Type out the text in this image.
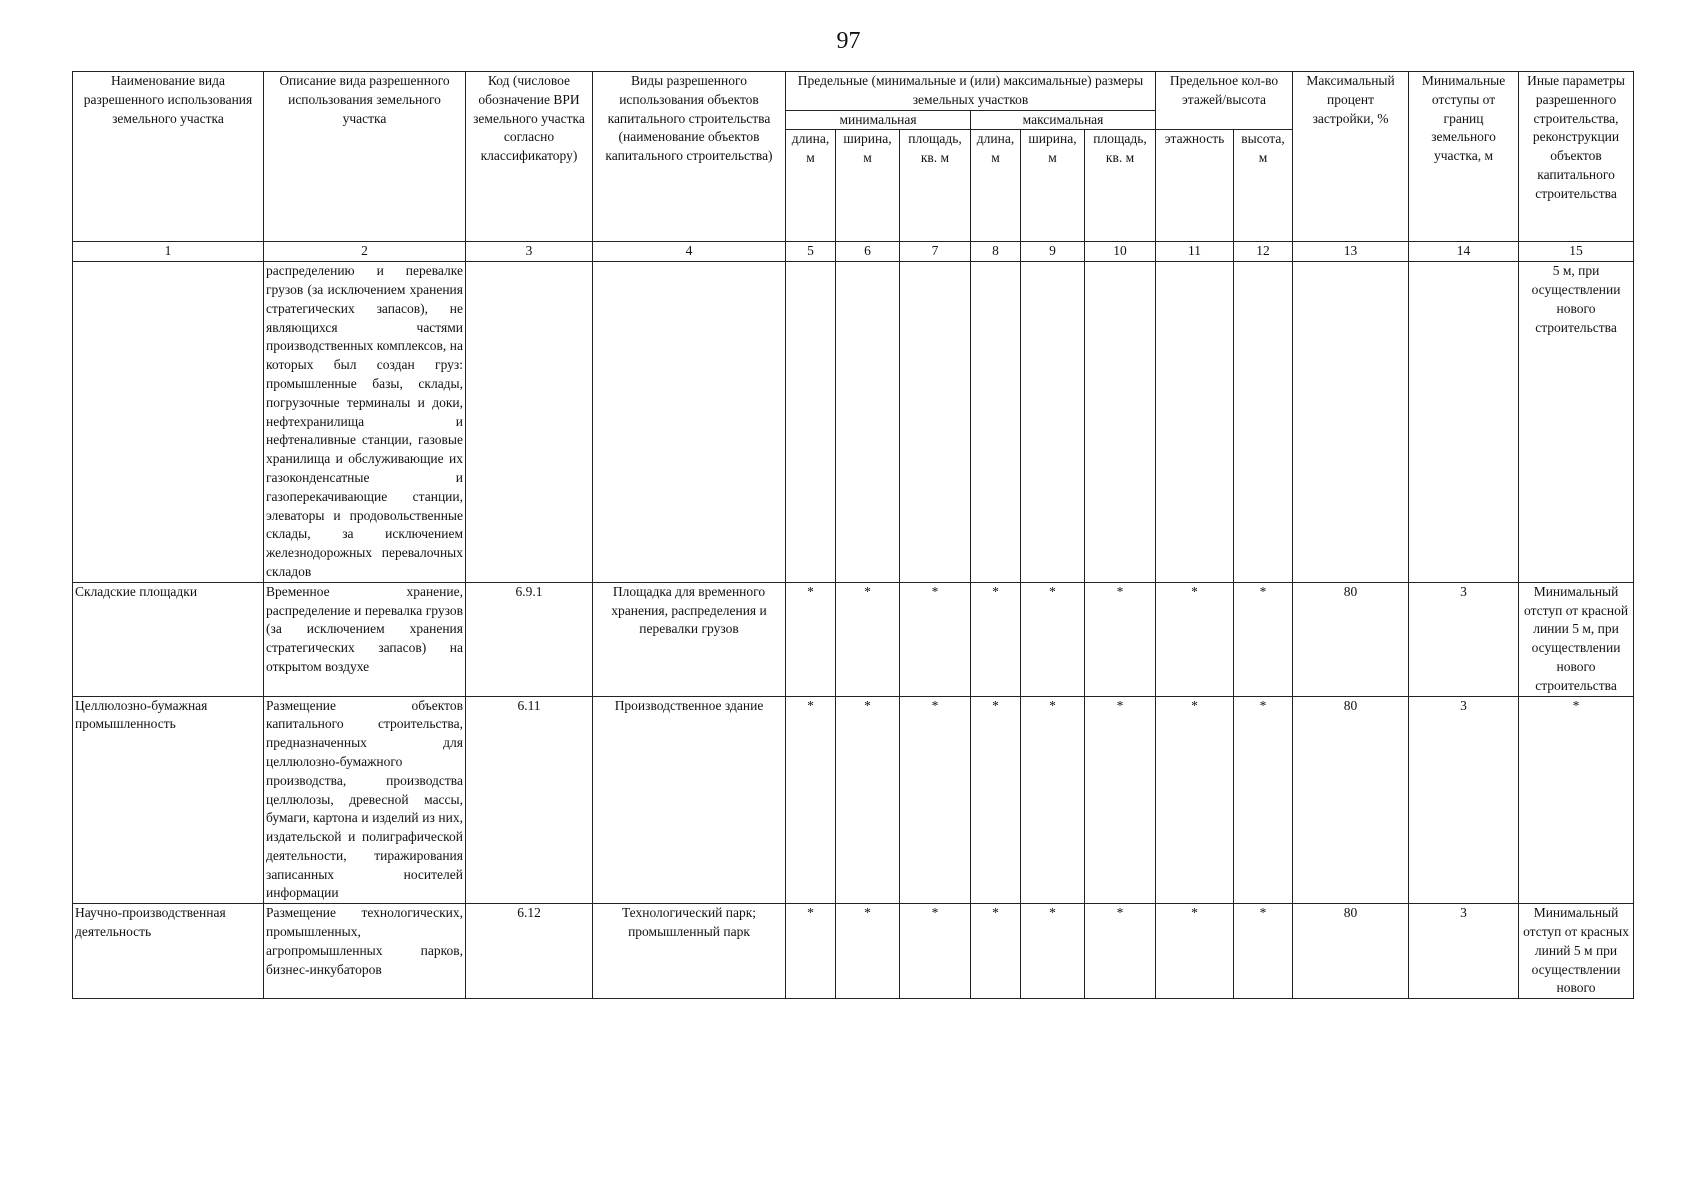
97
Наименование вида разрешенного использования земельного участка	Описание вида разрешенного использования земельного участка	Код (числовое обозначение ВРИ земельного участка согласно классификатору)	Виды разрешенного использования объектов капитального строительства (наименование объектов капитального строительства)	Предельные (минимальные и (или) максимальные) размеры земельных участков						Предельное кол-во этажей/высота		Максимальный процент застройки, %	Минимальные отступы от границ земельного участка, м	Иные параметры разрешенного строительства, реконструкции объектов капитального строительства
				минимальная			максимальная							
				длина, м	ширина, м	площадь, кв. м	длина, м	ширина, м	площадь, кв. м	этажность	высота, м			
1	2	3	4	5	6	7	8	9	10	11	12	13	14	15

	распределению и перевалке грузов (за исключением хранения стратегических запасов), не являющихся частями производственных комплексов, на которых был создан груз: промышленные базы, склады, погрузочные терминалы и доки, нефтехранилища и нефтеналивные станции, газовые хранилища и обслуживающие их газоконденсатные и газоперекачивающие станции, элеваторы и продовольственные склады, за исключением железнодорожных перевалочных складов													5 м, при осуществлении нового строительства
Складские площадки	Временное хранение, распределение и перевалка грузов (за исключением хранения стратегических запасов) на открытом воздухе	6.9.1	Площадка для временного хранения, распределения и перевалки грузов	*	*	*	*	*	*	*	*	80	3	Минимальный отступ от красной линии 5 м, при осуществлении нового строительства
Целлюлозно-бумажная промышленность	Размещение объектов капитального строительства, предназначенных для целлюлозно-бумажного производства, производства целлюлозы, древесной массы, бумаги, картона и изделий из них, издательской и полиграфической деятельности, тиражирования записанных носителей информации	6.11	Производственное здание	*	*	*	*	*	*	*	*	80	3	*
Научно-производственная деятельность	Размещение технологических, промышленных, агропромышленных парков, бизнес-инкубаторов	6.12	Технологический парк; промышленный парк	*	*	*	*	*	*	*	*	80	3	Минимальный отступ от красных линий 5 м при осуществлении нового
